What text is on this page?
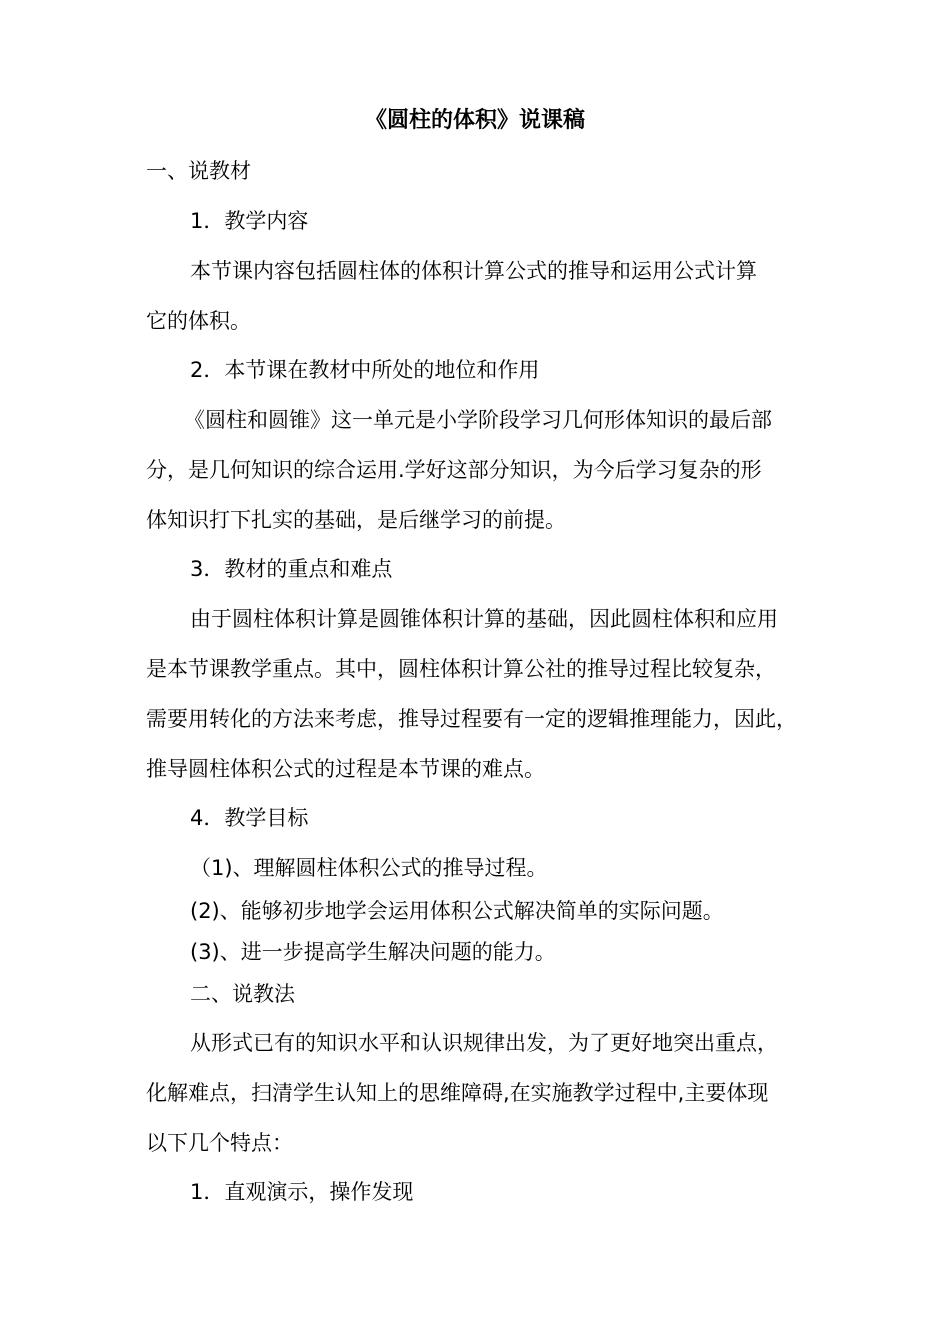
《圆柱的体积》说课稿
一、说教材
1．教学内容
本节课内容包括圆柱体的体积计算公式的推导和运用公式计算
它的体积。
2．本节课在教材中所处的地位和作用
《圆柱和圆锥》这一单元是小学阶段学习几何形体知识的最后部
分，是几何知识的综合运用.学好这部分知识，为今后学习复杂的形
体知识打下扎实的基础，是后继学习的前提。
3．教材的重点和难点
由于圆柱体积计算是圆锥体积计算的基础，因此圆柱体积和应用
是本节课教学重点。其中，圆柱体积计算公社的推导过程比较复杂，
需要用转化的方法来考虑，推导过程要有一定的逻辑推理能力，因此，
推导圆柱体积公式的过程是本节课的难点。
4．教学目标
（1)、理解圆柱体积公式的推导过程。
(2)、能够初步地学会运用体积公式解决简单的实际问题。
(3)、进一步提高学生解决问题的能力。
二、说教法
从形式已有的知识水平和认识规律出发，为了更好地突出重点，
化解难点，扫清学生认知上的思维障碍,在实施教学过程中,主要体现
以下几个特点：
1．直观演示，操作发现
